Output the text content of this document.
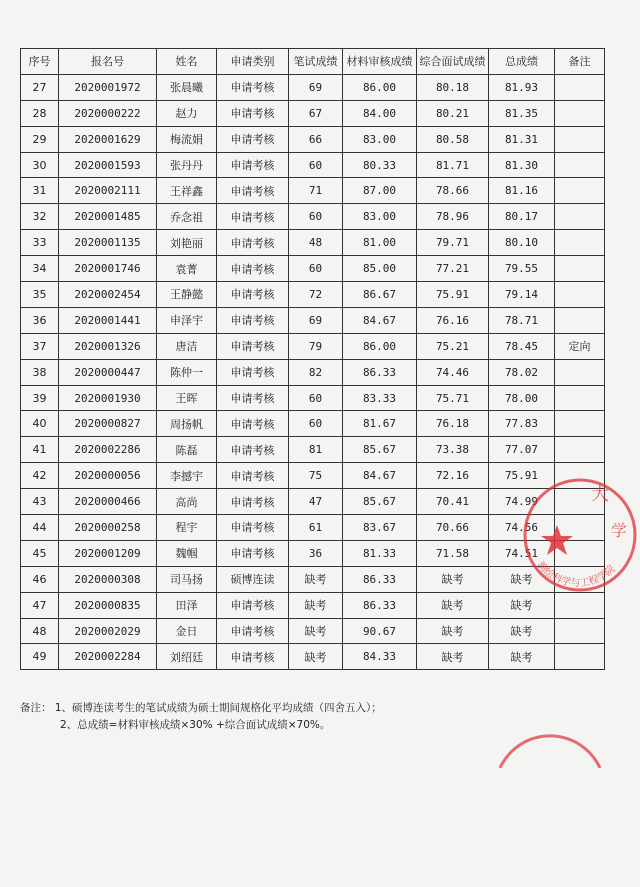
序号	报名号	姓名	申请类别	笔试成绩	材料审核成绩	综合面试成绩	总成绩	备注
27	2020001972	张晨曦	申请考核	69	86.00	80.18	81.93	
28	2020000222	赵力	申请考核	67	84.00	80.21	81.35	
29	2020001629	梅流娟	申请考核	66	83.00	80.58	81.31	
30	2020001593	张丹丹	申请考核	60	80.33	81.71	81.30	
31	2020002111	王祥鑫	申请考核	71	87.00	78.66	81.16	
32	2020001485	乔念祖	申请考核	60	83.00	78.96	80.17	
33	2020001135	刘艳丽	申请考核	48	81.00	79.71	80.10	
34	2020001746	袁菁	申请考核	60	85.00	77.21	79.55	
35	2020002454	王静懿	申请考核	72	86.67	75.91	79.14	
36	2020001441	申泽宇	申请考核	69	84.67	76.16	78.71	
37	2020001326	唐洁	申请考核	79	86.00	75.21	78.45	定向
38	2020000447	陈仲一	申请考核	82	86.33	74.46	78.02	
39	2020001930	王晖	申请考核	60	83.33	75.71	78.00	
40	2020000827	周扬帆	申请考核	60	81.67	76.18	77.83	
41	2020002286	陈磊	申请考核	81	85.67	73.38	77.07	
42	2020000056	李撼宇	申请考核	75	84.67	72.16	75.91	
43	2020000466	高尚	申请考核	47	85.67	70.41	74.99	
44	2020000258	程宇	申请考核	61	83.67	70.66	74.56	
45	2020001209	魏帼	申请考核	36	81.33	71.58	74.51	
46	2020000308	司马扬	硕博连读	缺考	86.33	缺考	缺考	
47	2020000835	田泽	申请考核	缺考	86.33	缺考	缺考	
48	2020002029	金日	申请考核	缺考	90.67	缺考	缺考	
49	2020002284	刘绍廷	申请考核	缺考	84.33	缺考	缺考	
备注： 1、硕博连读考生的笔试成绩为硕士期间规格化平均成绩（四舍五入）；
2、总成绩=材料审核成绩×30% +综合面试成绩×70%。
大
学
测绘科学与工程学院
